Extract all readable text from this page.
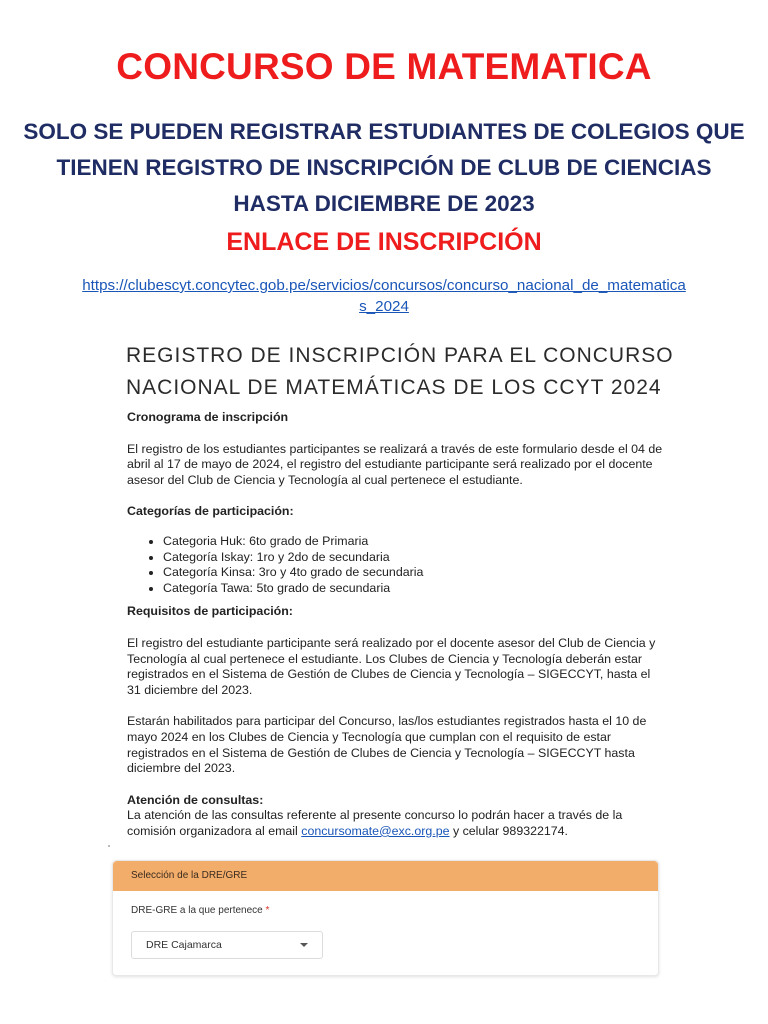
CONCURSO DE MATEMATICA
SOLO SE PUEDEN REGISTRAR ESTUDIANTES DE COLEGIOS QUE TIENEN REGISTRO DE INSCRIPCIÓN DE CLUB DE CIENCIAS HASTA DICIEMBRE DE 2023
ENLACE DE INSCRIPCIÓN
https://clubescyt.concytec.gob.pe/servicios/concursos/concurso_nacional_de_matematica
s_2024
REGISTRO DE INSCRIPCIÓN PARA EL CONCURSO
NACIONAL DE MATEMÁTICAS DE LOS CCYT 2024

Cronograma de inscripción

El registro de los estudiantes participantes se realizará a través de este formulario desde el 04 de abril al 17 de mayo de 2024, el registro del estudiante participante será realizado por el docente asesor del Club de Ciencia y Tecnología al cual pertenece el estudiante.

Categorías de participación:

• Categoria Huk: 6to grado de Primaria
• Categoría Iskay: 1ro y 2do de secundaria
• Categoría Kinsa: 3ro y 4to grado de secundaria
• Categoría Tawa: 5to grado de secundaria

Requisitos de participación:

El registro del estudiante participante será realizado por el docente asesor del Club de Ciencia y Tecnología al cual pertenece el estudiante. Los Clubes de Ciencia y Tecnología deberán estar registrados en el Sistema de Gestión de Clubes de Ciencia y Tecnología – SIGECCYT, hasta el 31 diciembre del 2023.

Estarán habilitados para participar del Concurso, las/los estudiantes registrados hasta el 10 de mayo 2024 en los Clubes de Ciencia y Tecnología que cumplan con el requisito de estar registrados en el Sistema de Gestión de Clubes de Ciencia y Tecnología – SIGECCYT hasta diciembre del 2023.

Atención de consultas:

La atención de las consultas referente al presente concurso lo podrán hacer a través de la comisión organizadora al email concursomate@exc.org.pe y celular 989322174.

Selección de la DRE/GRE
DRE-GRE a la que pertenece *
DRE Cajamarca
